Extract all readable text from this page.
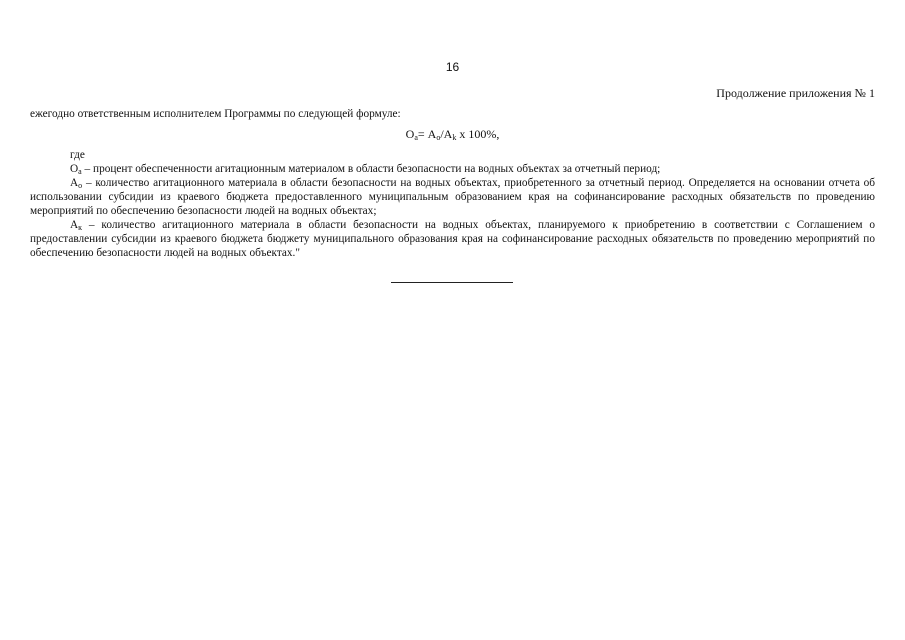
16
Продолжение приложения № 1

ежегодно ответственным исполнителем Программы по следующей формуле:

$О_а= А_о/А_k$ х 100%,

где

$О_а$ – процент обеспеченности агитационным материалом в области безопасности на водных объектах за отчетный период;

$А_о$ – количество агитационного материала в области безопасности на водных объектах, приобретенного за отчетный период. Определяется на основании отчета об использовании субсидии из краевого бюджета предоставленного муниципальным образованием края на софинансирование расходных обязательств по проведению мероприятий по обеспечению безопасности людей на водных объектах;

$А_к$ – количество агитационного материала в области безопасности на водных объектах, планируемого к приобретению в соответствии с Соглашением о предоставлении субсидии из краевого бюджета бюджету муниципального образования края на софинансирование расходных обязательств по проведению мероприятий по обеспечению безопасности людей на водных объектах."
